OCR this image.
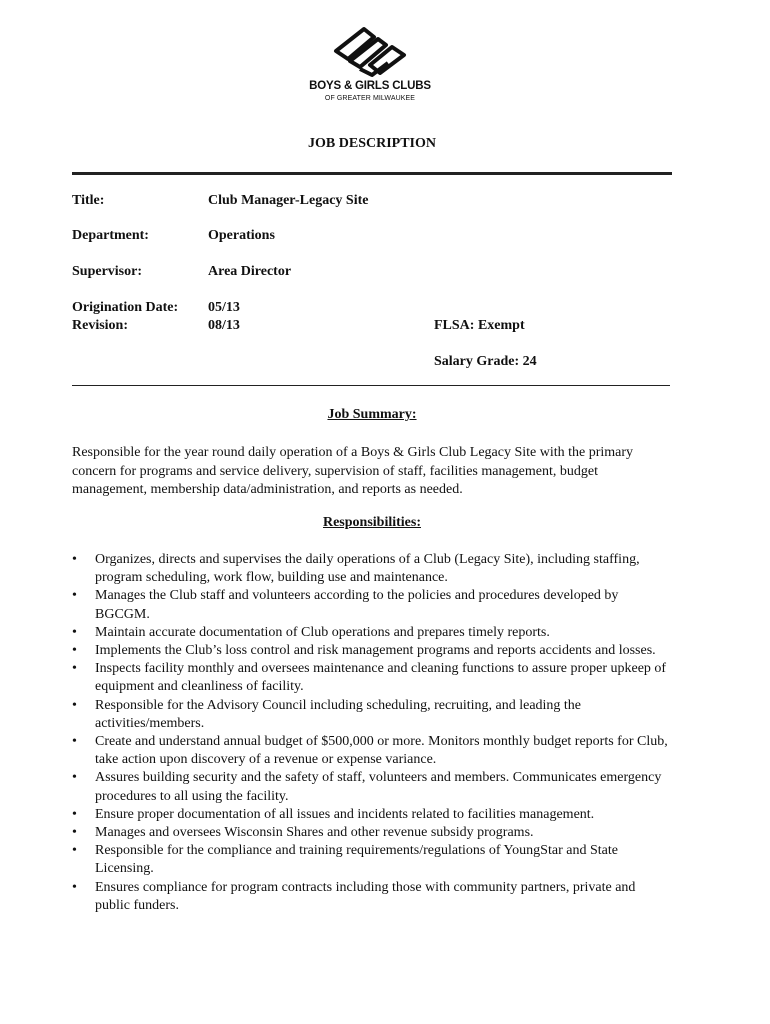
BOYS & GIRLS CLUBS
OF GREATER MILWAUKEE
JOB DESCRIPTION
Title:	Club Manager-Legacy Site
Department:	Operations
Supervisor:	Area Director
Origination Date: 05/13
Revision:	08/13	FLSA: Exempt
Salary Grade: 24
Job Summary:
Responsible for the year round daily operation of a Boys & Girls Club Legacy Site with the primary concern for programs and service delivery, supervision of staff, facilities management, budget management, membership data/administration, and reports as needed.
Responsibilities:
• Organizes, directs and supervises the daily operations of a Club (Legacy Site), including staffing, program scheduling, work flow, building use and maintenance.
• Manages the Club staff and volunteers according to the policies and procedures developed by BGCGM.
• Maintain accurate documentation of Club operations and prepares timely reports.
• Implements the Club’s loss control and risk management programs and reports accidents and losses.
• Inspects facility monthly and oversees maintenance and cleaning functions to assure proper upkeep of equipment and cleanliness of facility.
• Responsible for the Advisory Council including scheduling, recruiting, and leading the activities/members.
• Create and understand annual budget of $500,000 or more. Monitors monthly budget reports for Club, take action upon discovery of a revenue or expense variance.
• Assures building security and the safety of staff, volunteers and members. Communicates emergency procedures to all using the facility.
• Ensure proper documentation of all issues and incidents related to facilities management.
• Manages and oversees Wisconsin Shares and other revenue subsidy programs.
• Responsible for the compliance and training requirements/regulations of YoungStar and State Licensing.
• Ensures compliance for program contracts including those with community partners, private and public funders.
